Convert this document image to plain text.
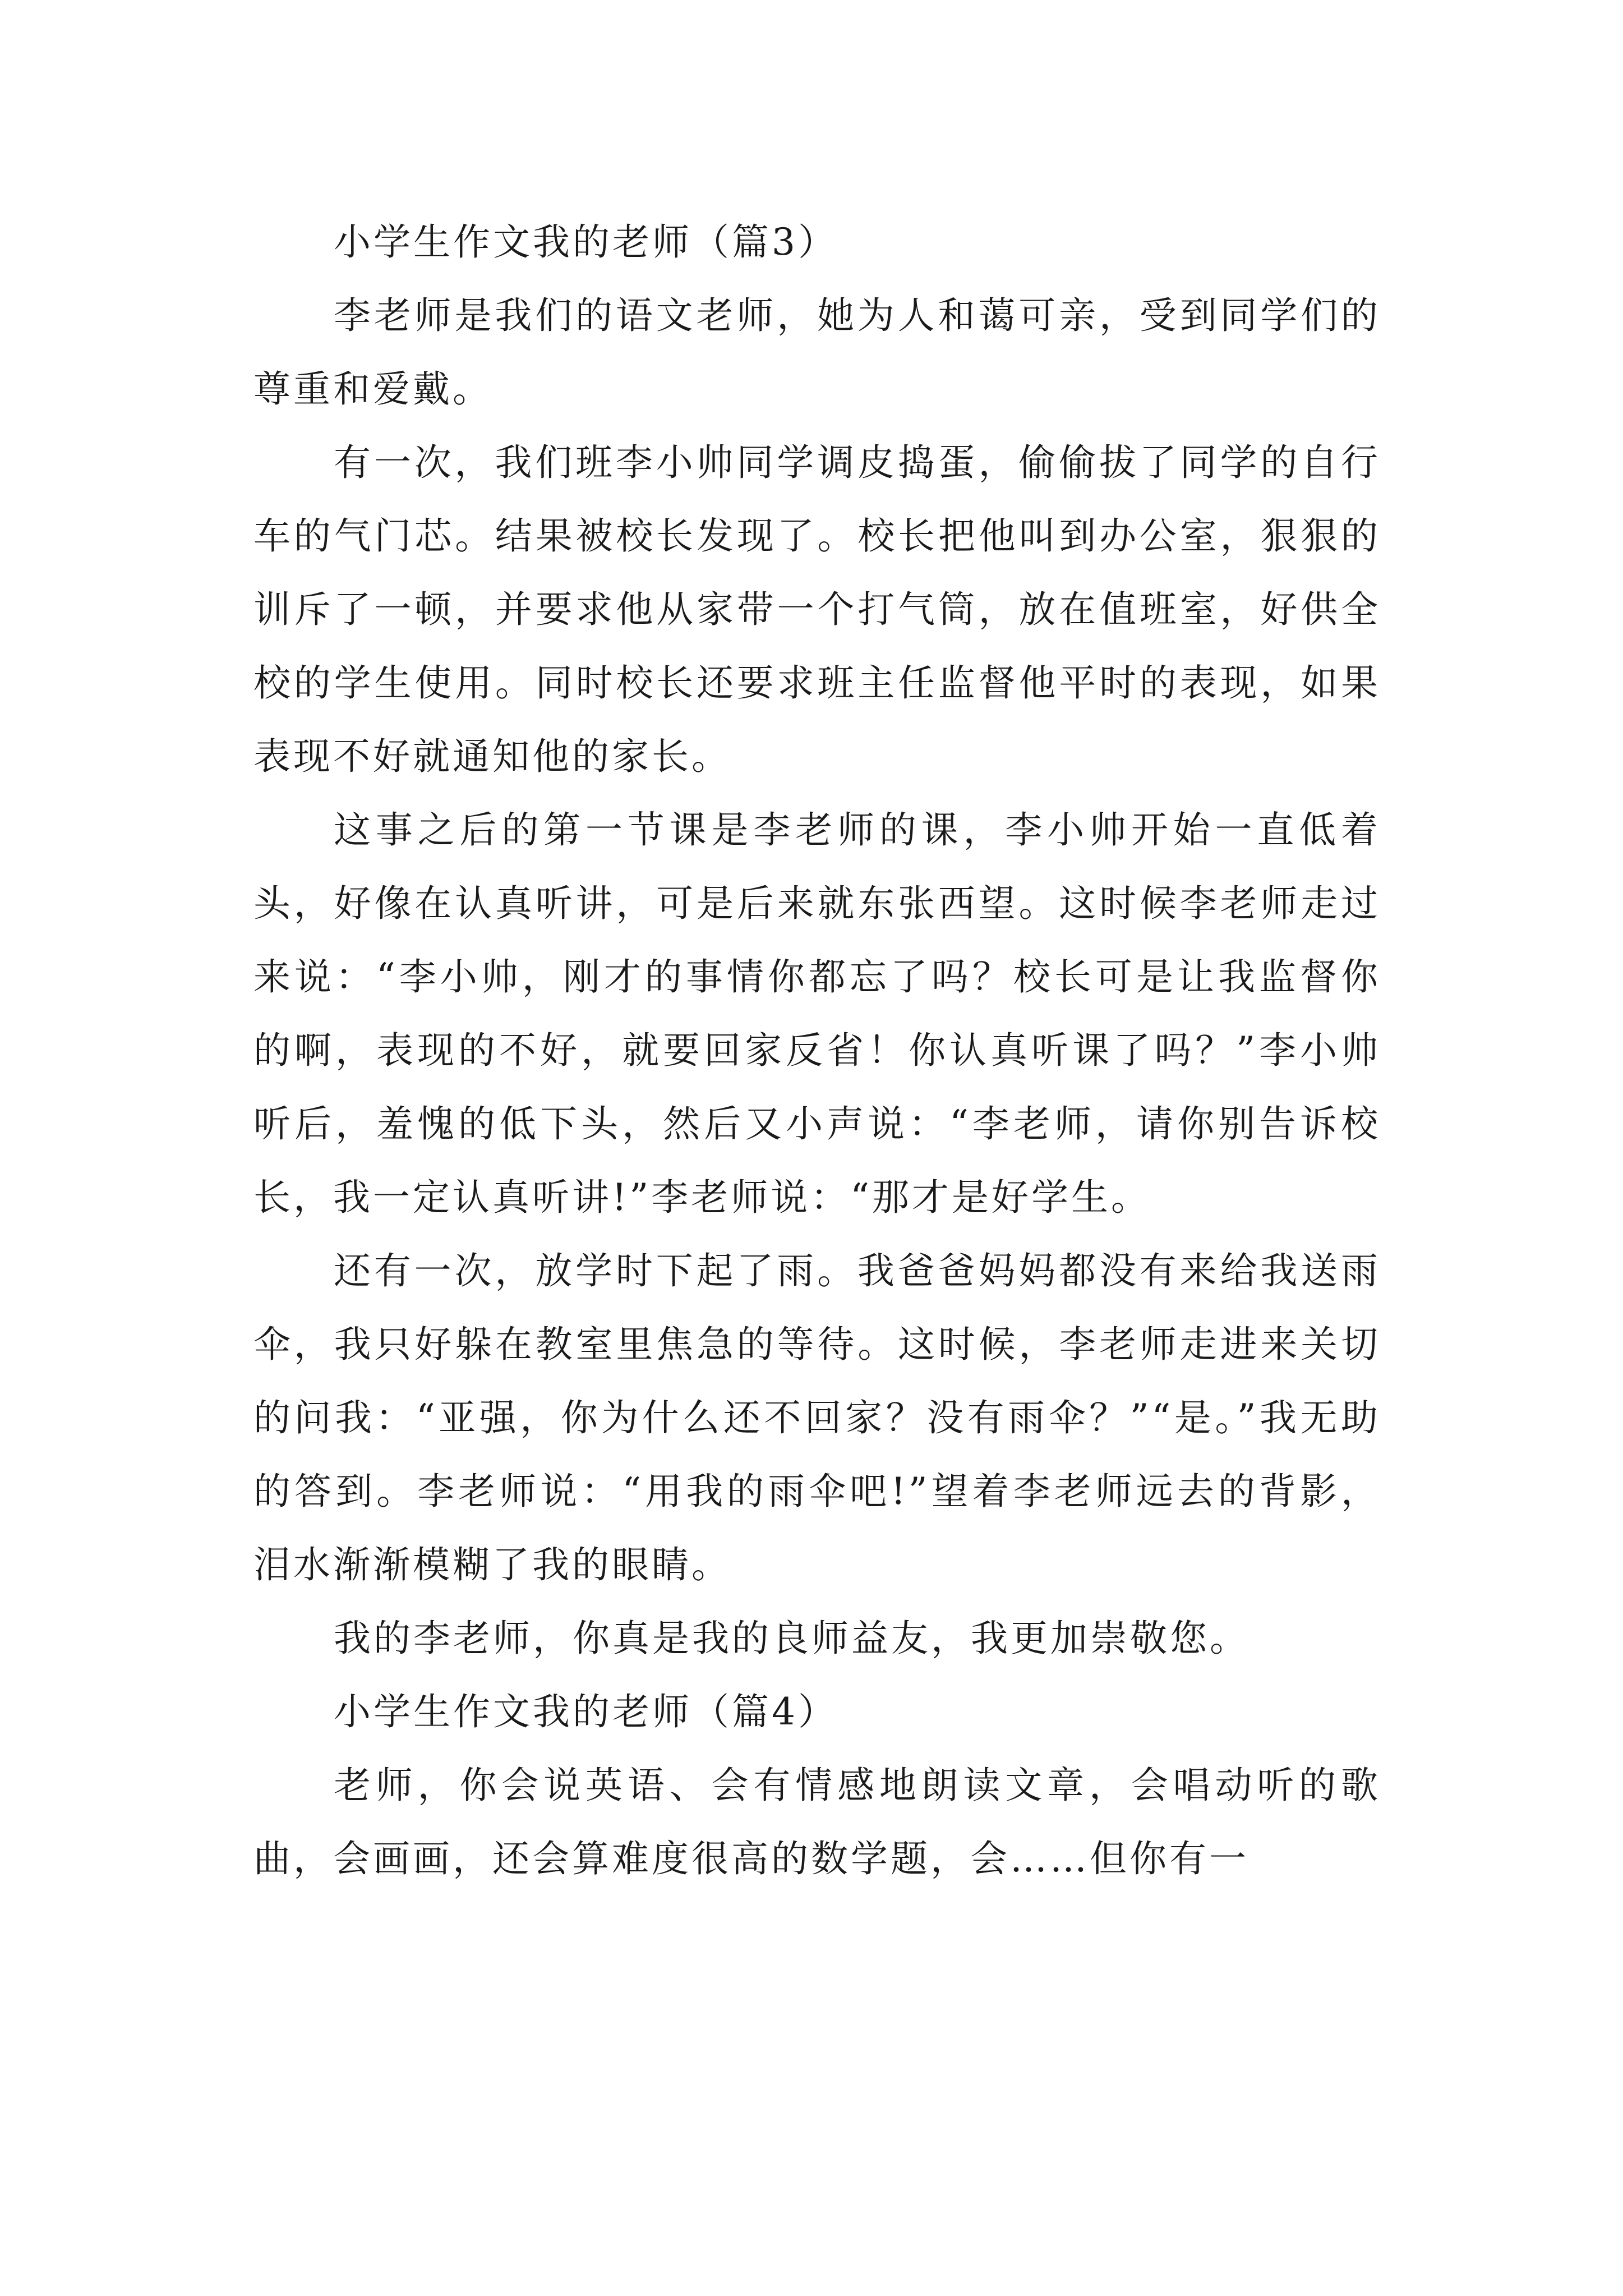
小学生作文我的老师（篇3）

李老师是我们的语文老师，她为人和蔼可亲，受到同学们的尊重和爱戴。

有一次，我们班李小帅同学调皮捣蛋，偷偷拔了同学的自行车的气门芯。结果被校长发现了。校长把他叫到办公室，狠狠的训斥了一顿，并要求他从家带一个打气筒，放在值班室，好供全校的学生使用。同时校长还要求班主任监督他平时的表现，如果表现不好就通知他的家长。

这事之后的第一节课是李老师的课，李小帅开始一直低着头，好像在认真听讲，可是后来就东张西望。这时候李老师走过来说：“李小帅，刚才的事情你都忘了吗？校长可是让我监督你的啊，表现的不好，就要回家反省！你认真听课了吗？”李小帅听后，羞愧的低下头，然后又小声说：“李老师，请你别告诉校长，我一定认真听讲!”李老师说：“那才是好学生。

还有一次，放学时下起了雨。我爸爸妈妈都没有来给我送雨伞，我只好躲在教室里焦急的等待。这时候，李老师走进来关切的问我：“亚强，你为什么还不回家？没有雨伞？”“是。”我无助的答到。李老师说：“用我的雨伞吧!”望着李老师远去的背影，泪水渐渐模糊了我的眼睛。

我的李老师，你真是我的良师益友，我更加崇敬您。

小学生作文我的老师（篇4）

老师，你会说英语、会有情感地朗读文章，会唱动听的歌曲，会画画，还会算难度很高的数学题，会……但你有一
